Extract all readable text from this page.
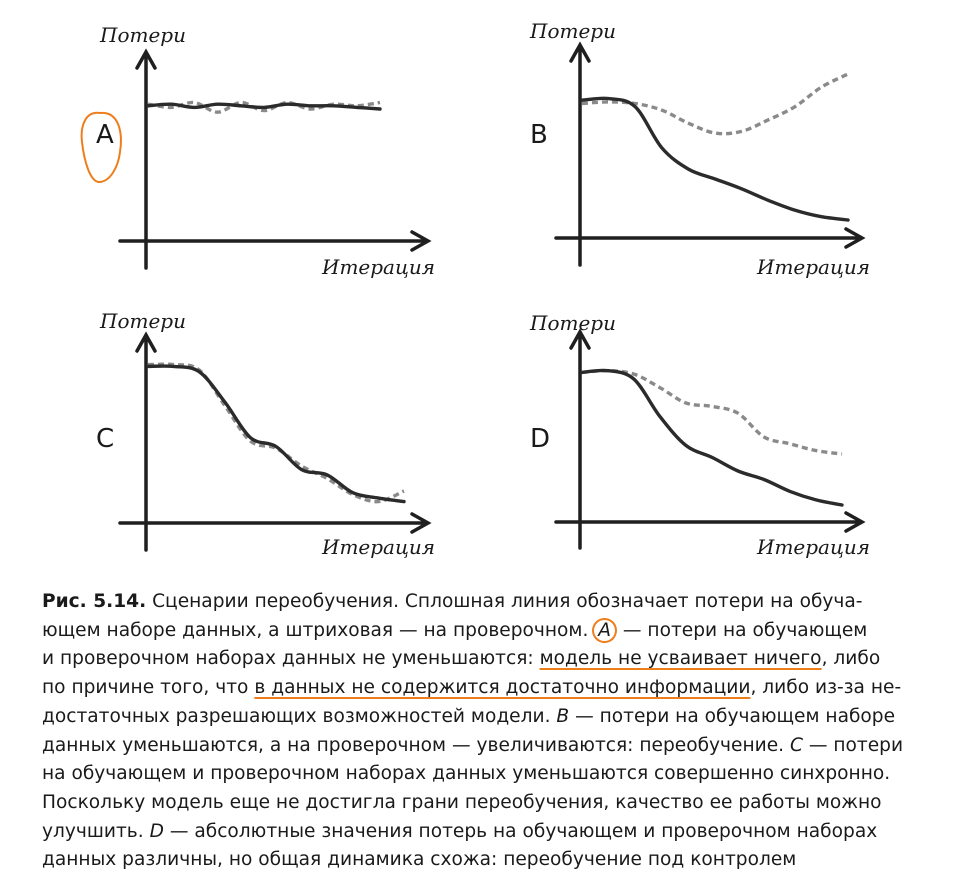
Потери
Итерация
A
Потери
Итерация
B
Потери
Итерация
C
Потери
Итерация
D
Рис. 5.14. Сценарии переобучения. Сплошная линия обозначает потери на обуча-
ющем наборе данных, а штриховая — на проверочном. А — потери на обучающем
и проверочном наборах данных не уменьшаются: модель не усваивает ничего, либо
по причине того, что в данных не содержится достаточно информации, либо из-за не-
достаточных разрешающих возможностей модели. B — потери на обучающем наборе
данных уменьшаются, а на проверочном — увеличиваются: переобучение. C — потери
на обучающем и проверочном наборах данных уменьшаются совершенно синхронно.
Поскольку модель еще не достигла грани переобучения, качество ее работы можно
улучшить. D — абсолютные значения потерь на обучающем и проверочном наборах
данных различны, но общая динамика схожа: переобучение под контролем
